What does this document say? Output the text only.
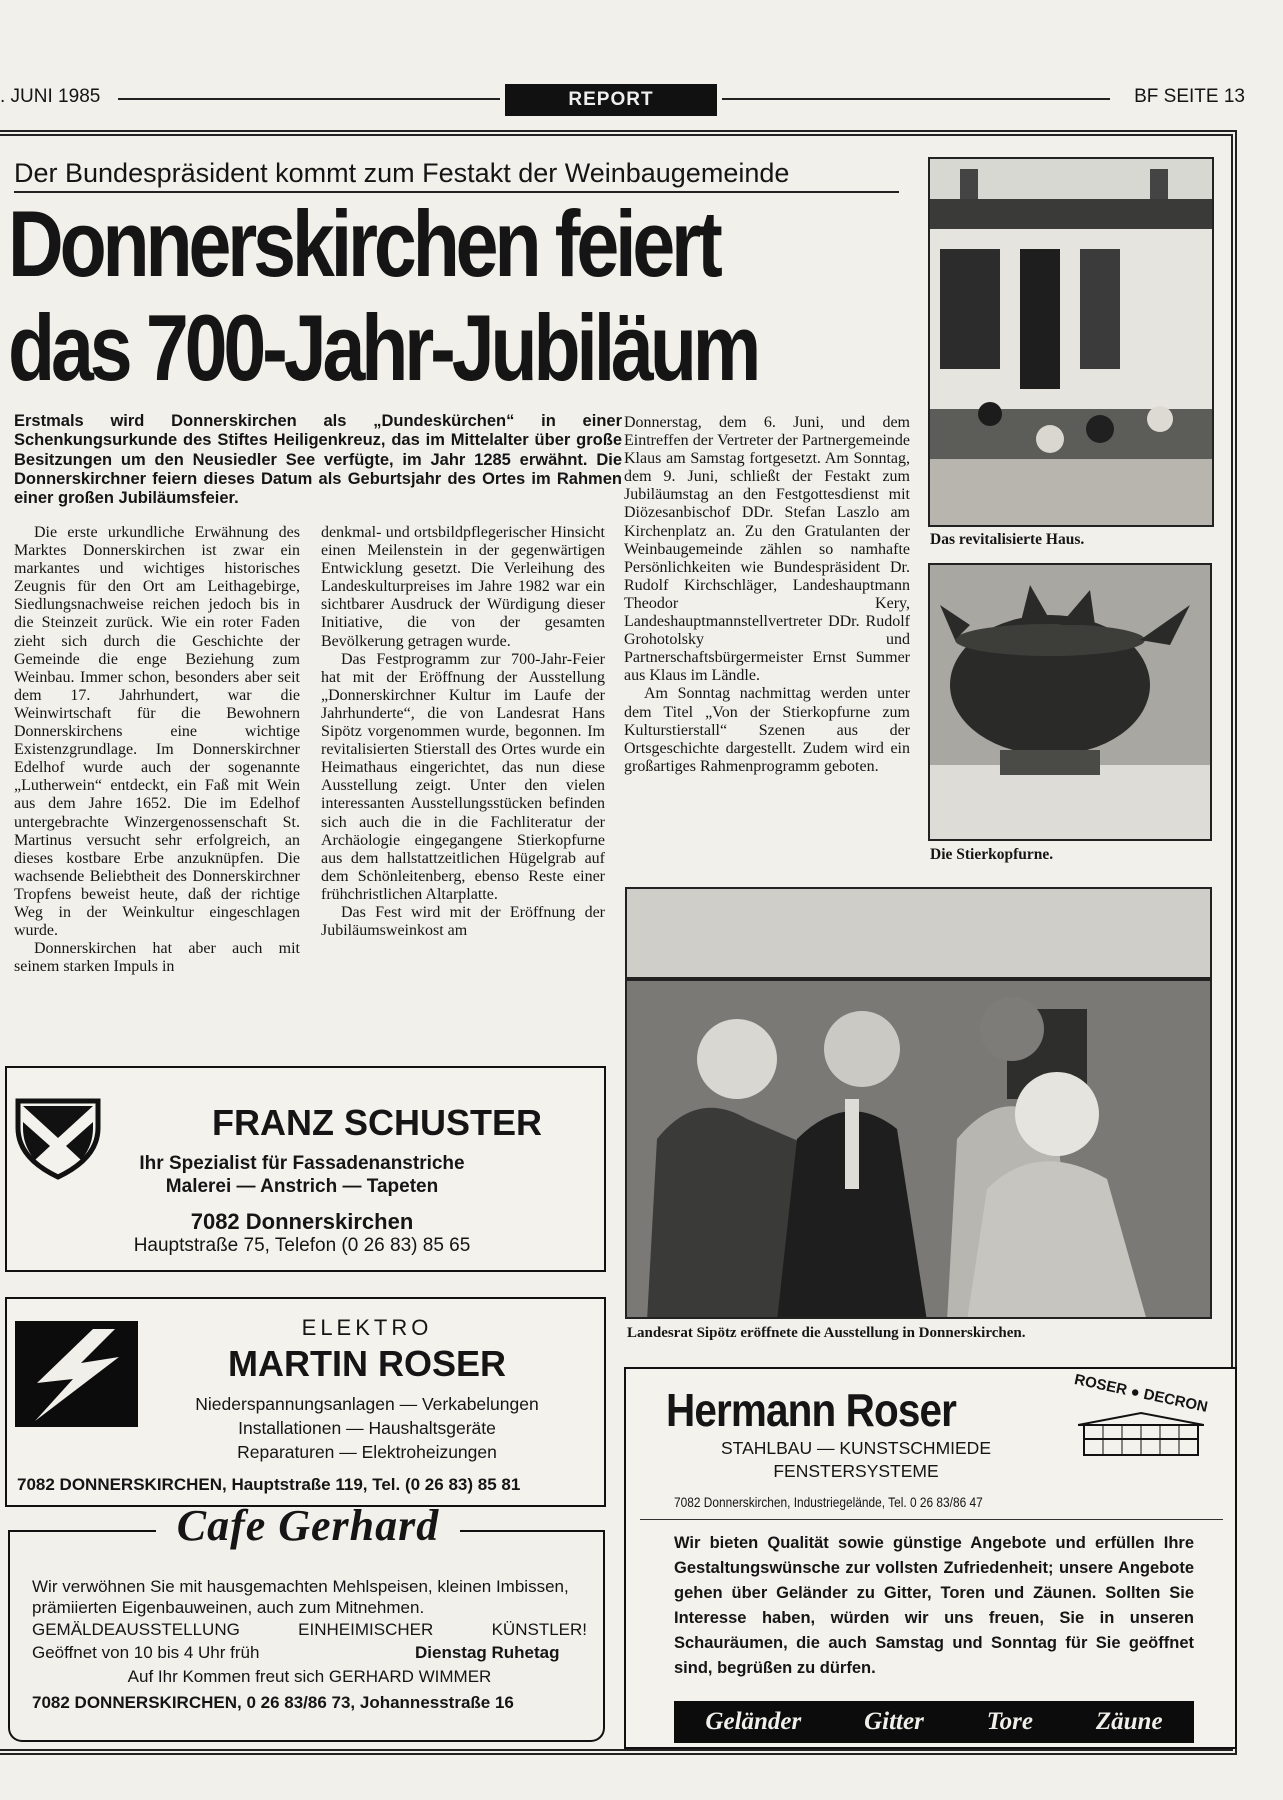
. JUNI 1985	REPORT	BF SEITE 13
Der Bundespräsident kommt zum Festakt der Weinbaugemeinde
Donnerskirchen feiert
das 700-Jahr-Jubiläum
Erstmals wird Donnerskirchen als „Dundeskürchen“ in einer Schenkungsurkunde des Stiftes Heiligenkreuz, das im Mittelalter über große Besitzungen um den Neusiedler See verfügte, im Jahr 1285 erwähnt. Die Donnerskirchner feiern dieses Datum als Geburtsjahr des Ortes im Rahmen einer großen Jubiläumsfeier.

Die erste urkundliche Erwähnung des Marktes Donnerskirchen ist zwar ein markantes und wichtiges historisches Zeugnis für den Ort am Leithagebirge, Siedlungsnachweise reichen jedoch bis in die Steinzeit zurück. Wie ein roter Faden zieht sich durch die Geschichte der Gemeinde die enge Beziehung zum Weinbau. Immer schon, besonders aber seit dem 17. Jahrhundert, war die Weinwirtschaft für die Bewohnern Donnerskirchens eine wichtige Existenzgrundlage. Im Donnerskirchner Edelhof wurde auch der sogenannte „Lutherwein“ entdeckt, ein Faß mit Wein aus dem Jahre 1652. Die im Edelhof untergebrachte Winzergenossenschaft St. Martinus versucht sehr erfolgreich, an dieses kostbare Erbe anzuknüpfen. Die wachsende Beliebtheit des Donnerskirchner Tropfens beweist heute, daß der richtige Weg in der Weinkultur eingeschlagen wurde.

Donnerskirchen hat aber auch mit seinem starken Impuls in

denkmal- und ortsbildpflegerischer Hinsicht einen Meilenstein in der gegenwärtigen Entwicklung gesetzt. Die Verleihung des Landeskulturpreises im Jahre 1982 war ein sichtbarer Ausdruck der Würdigung dieser Initiative, die von der gesamten Bevölkerung getragen wurde.

Das Festprogramm zur 700-Jahr-Feier hat mit der Eröffnung der Ausstellung „Donnerskirchner Kultur im Laufe der Jahrhunderte“, die von Landesrat Hans Sipötz vorgenommen wurde, begonnen. Im revitalisierten Stierstall des Ortes wurde ein Heimathaus eingerichtet, das nun diese Ausstellung zeigt. Unter den vielen interessanten Ausstellungsstücken befinden sich auch die in die Fachliteratur der Archäologie eingegangene Stierkopfurne aus dem hallstattzeitlichen Hügelgrab auf dem Schönleitenberg, ebenso Reste einer frühchristlichen Altarplatte.

Das Fest wird mit der Eröffnung der Jubiläumsweinkost am

Donnerstag, dem 6. Juni, und dem Eintreffen der Vertreter der Partnergemeinde Klaus am Samstag fortgesetzt. Am Sonntag, dem 9. Juni, schließt der Festakt zum Jubiläumstag an den Festgottesdienst mit Diözesanbischof DDr. Stefan Laszlo am Kirchenplatz an. Zu den Gratulanten der Weinbaugemeinde zählen so namhafte Persönlichkeiten wie Bundespräsident Dr. Rudolf Kirchschläger, Landeshauptmann Theodor Kery, Landeshauptmannstellvertreter DDr. Rudolf Grohotolsky und Partnerschaftsbürgermeister Ernst Summer aus Klaus im Ländle.

Am Sonntag nachmittag werden unter dem Titel „Von der Stierkopfurne zum Kulturstierstall“ Szenen aus der Ortsgeschichte dargestellt. Zudem wird ein großartiges Rahmenprogramm geboten.

Das revitalisierte Haus.
Die Stierkopfurne.
Landesrat Sipötz eröffnete die Ausstellung in Donnerskirchen.
FRANZ SCHUSTER
Ihr Spezialist für Fassadenanstriche
Malerei — Anstrich — Tapeten
7082 Donnerskirchen
Hauptstraße 75, Telefon (0 26 83) 85 65
ELEKTRO
MARTIN ROSER
Niederspannungsanlagen — Verkabelungen
Installationen — Haushaltsgeräte
Reparaturen — Elektroheizungen
7082 DONNERSKIRCHEN, Hauptstraße 119, Tel. (0 26 83) 85 81
Cafe Gerhard
Wir verwöhnen Sie mit hausgemachten Mehlspeisen, kleinen Imbissen, prämiierten Eigenbauweinen, auch zum Mitnehmen.
GEMÄLDEAUSSTELLUNG EINHEIMISCHER KÜNSTLER!
Geöffnet von 10 bis 4 Uhr früh	Dienstag Ruhetag
Auf Ihr Kommen freut sich GERHARD WIMMER
7082 DONNERSKIRCHEN, 0 26 83/86 73, Johannesstraße 16
Hermann Roser	ROSER ● DECRON
STAHLBAU — KUNSTSCHMIEDE
FENSTERSYSTEME
7082 Donnerskirchen, Industriegelände, Tel. 0 26 83/86 47
Wir bieten Qualität sowie günstige Angebote und erfüllen Ihre Gestaltungswünsche zur vollsten Zufriedenheit; unsere Angebote gehen über Geländer zu Gitter, Toren und Zäunen. Sollten Sie Interesse haben, würden wir uns freuen, Sie in unseren Schauräumen, die auch Samstag und Sonntag für Sie geöffnet sind, begrüßen zu dürfen.
Geländer	Gitter	Tore	Zäune
